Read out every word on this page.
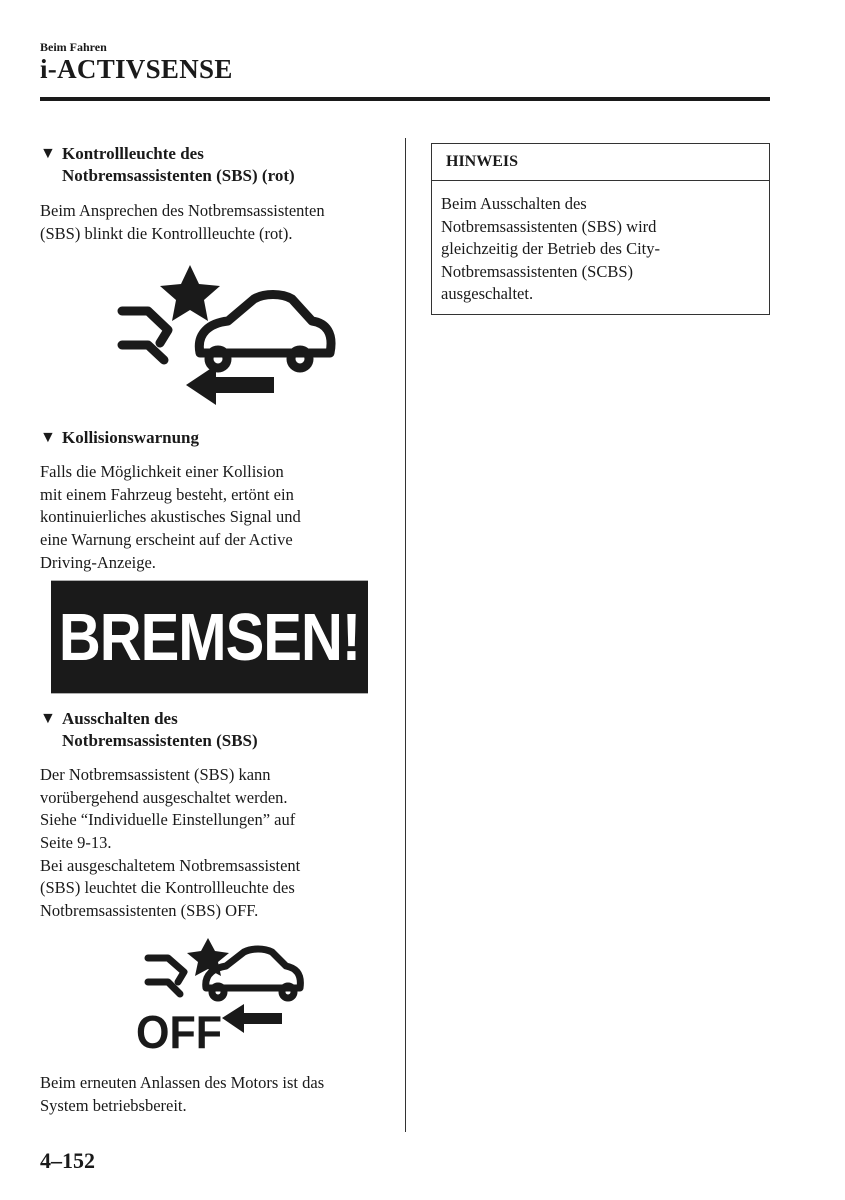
Beim Fahren
i-ACTIVSENSE
▼ Kontrollleuchte des
Notbremsassistenten (SBS) (rot)

Beim Ansprechen des Notbremsassistenten
(SBS) blinkt die Kontrollleuchte (rot).

▼ Kollisionswarnung

Falls die Möglichkeit einer Kollision
mit einem Fahrzeug besteht, ertönt ein
kontinuierliches akustisches Signal und
eine Warnung erscheint auf der Active
Driving-Anzeige.

BREMSEN!
▼ Ausschalten des
Notbremsassistenten (SBS)

Der Notbremsassistent (SBS) kann
vorübergehend ausgeschaltet werden.
Siehe “Individuelle Einstellungen” auf
Seite 9-13.
Bei ausgeschaltetem Notbremsassistent
(SBS) leuchtet die Kontrollleuchte des
Notbremsassistenten (SBS) OFF.

OFF

Beim erneuten Anlassen des Motors ist das
System betriebsbereit.

HINWEIS
Beim Ausschalten des
Notbremsassistenten (SBS) wird
gleichzeitig der Betrieb des City-
Notbremsassistenten (SCBS)
ausgeschaltet.
4–152
